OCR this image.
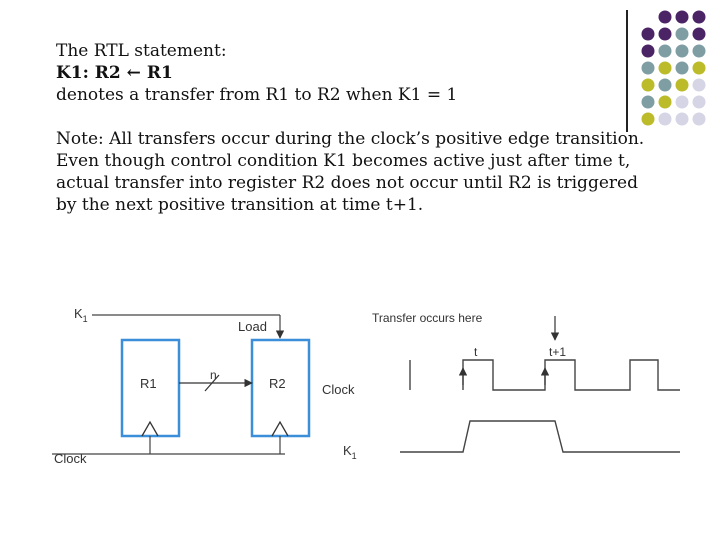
The RTL statement:

K1: R2 ← R1

denotes a transfer from R1 to R2 when K1 = 1

Note: All transfers occur during the clock’s positive edge transition.

Even though control condition K1 becomes active just after time t,

actual transfer into register R2 does not occur until R2 is triggered

by the next positive transition at time t+1.

$K_1$	Load
R1	R2
n
Clock
Transfer occurs here
t	t+1
Clock
$K_1$
